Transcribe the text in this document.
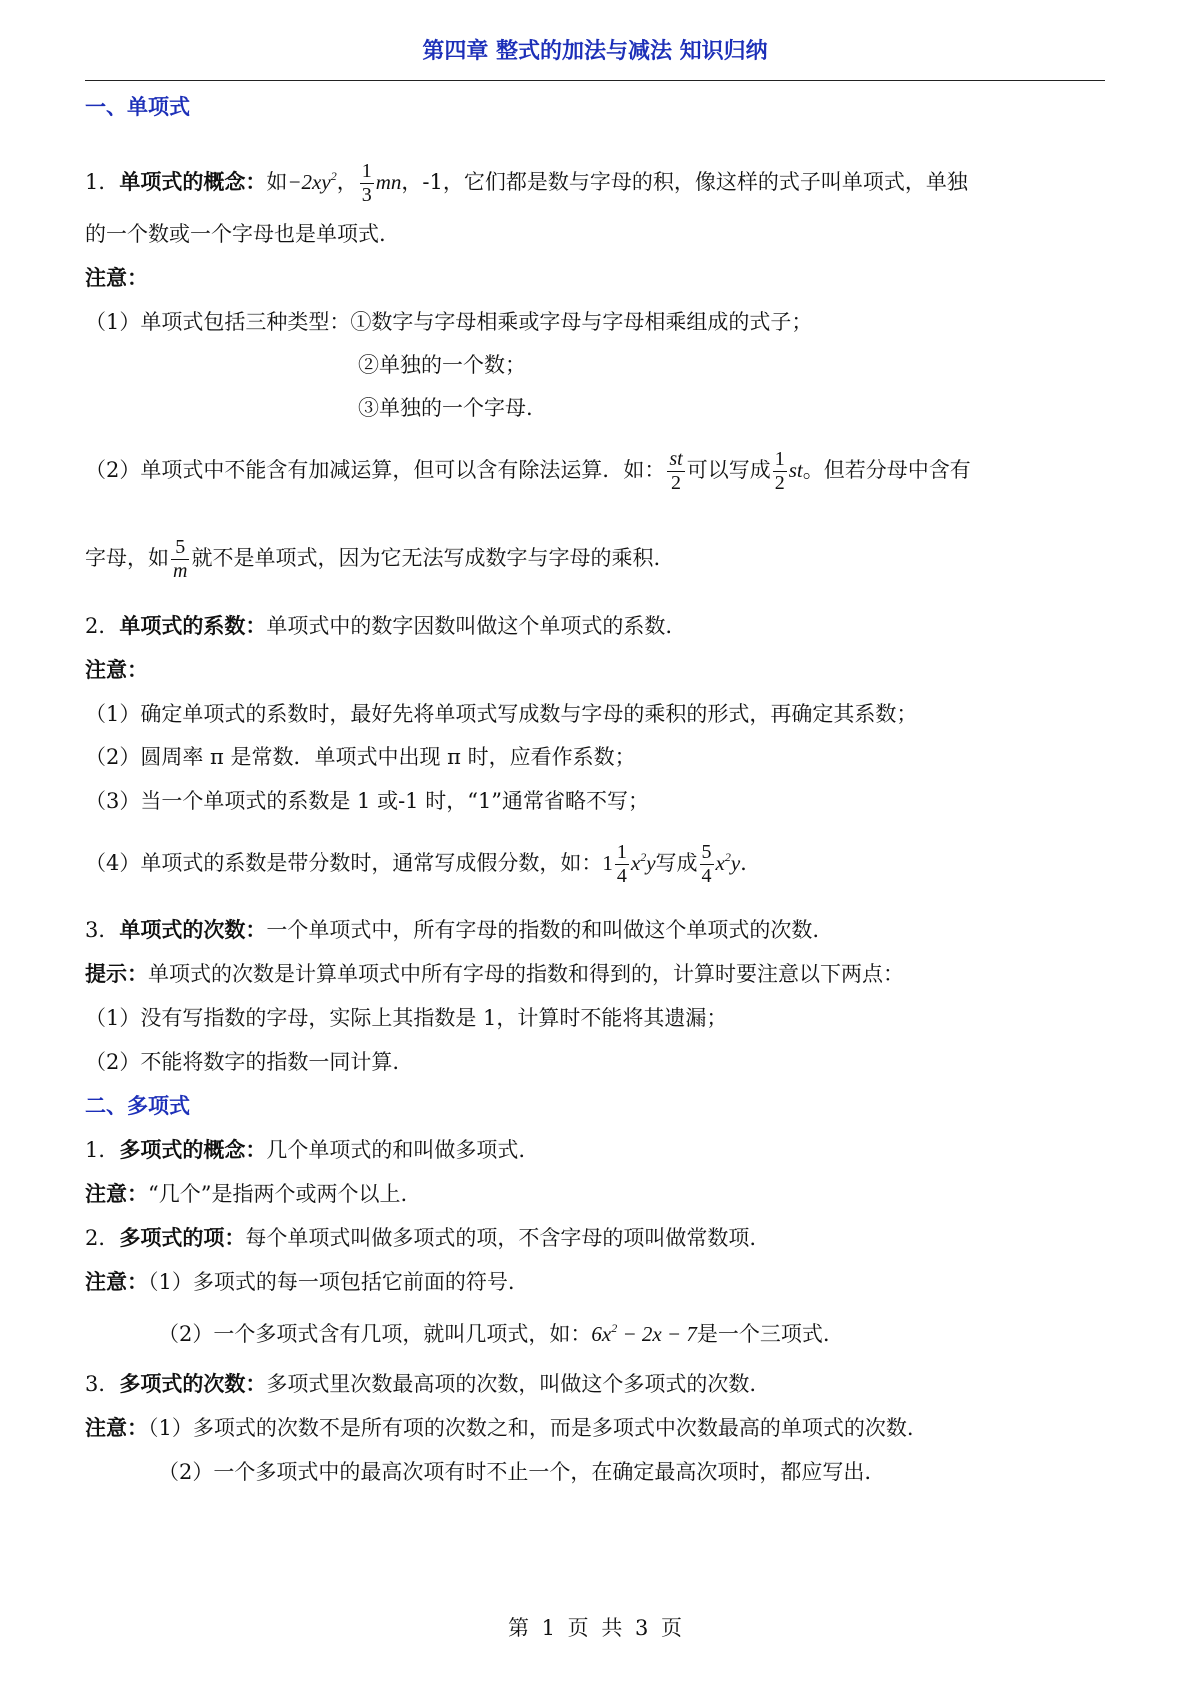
第四章 整式的加法与减法 知识归纳
一、单项式
1．单项式的概念：如$-2xy^2$， $\frac{1}{3}$ mn，-1，它们都是数与字母的积，像这样的式子叫单项式，单独
的一个数或一个字母也是单项式.
注意：
（1）单项式包括三种类型：①数字与字母相乘或字母与字母相乘组成的式子；
②单独的一个数；
③单独的一个字母.
（2）单项式中不能含有加减运算，但可以含有除法运算．如： $\frac{st}{2}$ 可以写成 $\frac{1}{2}$ st。但若分母中含有
字母，如 $\frac{5}{m}$ 就不是单项式，因为它无法写成数字与字母的乘积.
2．单项式的系数：单项式中的数字因数叫做这个单项式的系数.
注意：
（1）确定单项式的系数时，最好先将单项式写成数与字母的乘积的形式，再确定其系数；
（2）圆周率 π 是常数．单项式中出现 π 时，应看作系数；
（3）当一个单项式的系数是 1 或-1 时，“1”通常省略不写；
（4）单项式的系数是带分数时，通常写成假分数，如：$1 \frac{1}{4} x^2y$写成 $\frac{5}{4} x^2y$.
3．单项式的次数：一个单项式中，所有字母的指数的和叫做这个单项式的次数.
提示：单项式的次数是计算单项式中所有字母的指数和得到的，计算时要注意以下两点：
（1）没有写指数的字母，实际上其指数是 1，计算时不能将其遗漏；
（2）不能将数字的指数一同计算.
二、多项式
1．多项式的概念：几个单项式的和叫做多项式.
注意：“几个”是指两个或两个以上.
2．多项式的项：每个单项式叫做多项式的项，不含字母的项叫做常数项.
注意：（1）多项式的每一项包括它前面的符号.
（2）一个多项式含有几项，就叫几项式，如：$6x^2 - 2x - 7$是一个三项式.
3．多项式的次数：多项式里次数最高项的次数，叫做这个多项式的次数.
注意：（1）多项式的次数不是所有项的次数之和，而是多项式中次数最高的单项式的次数.
（2）一个多项式中的最高次项有时不止一个，在确定最高次项时，都应写出.
第 1 页 共 3 页
